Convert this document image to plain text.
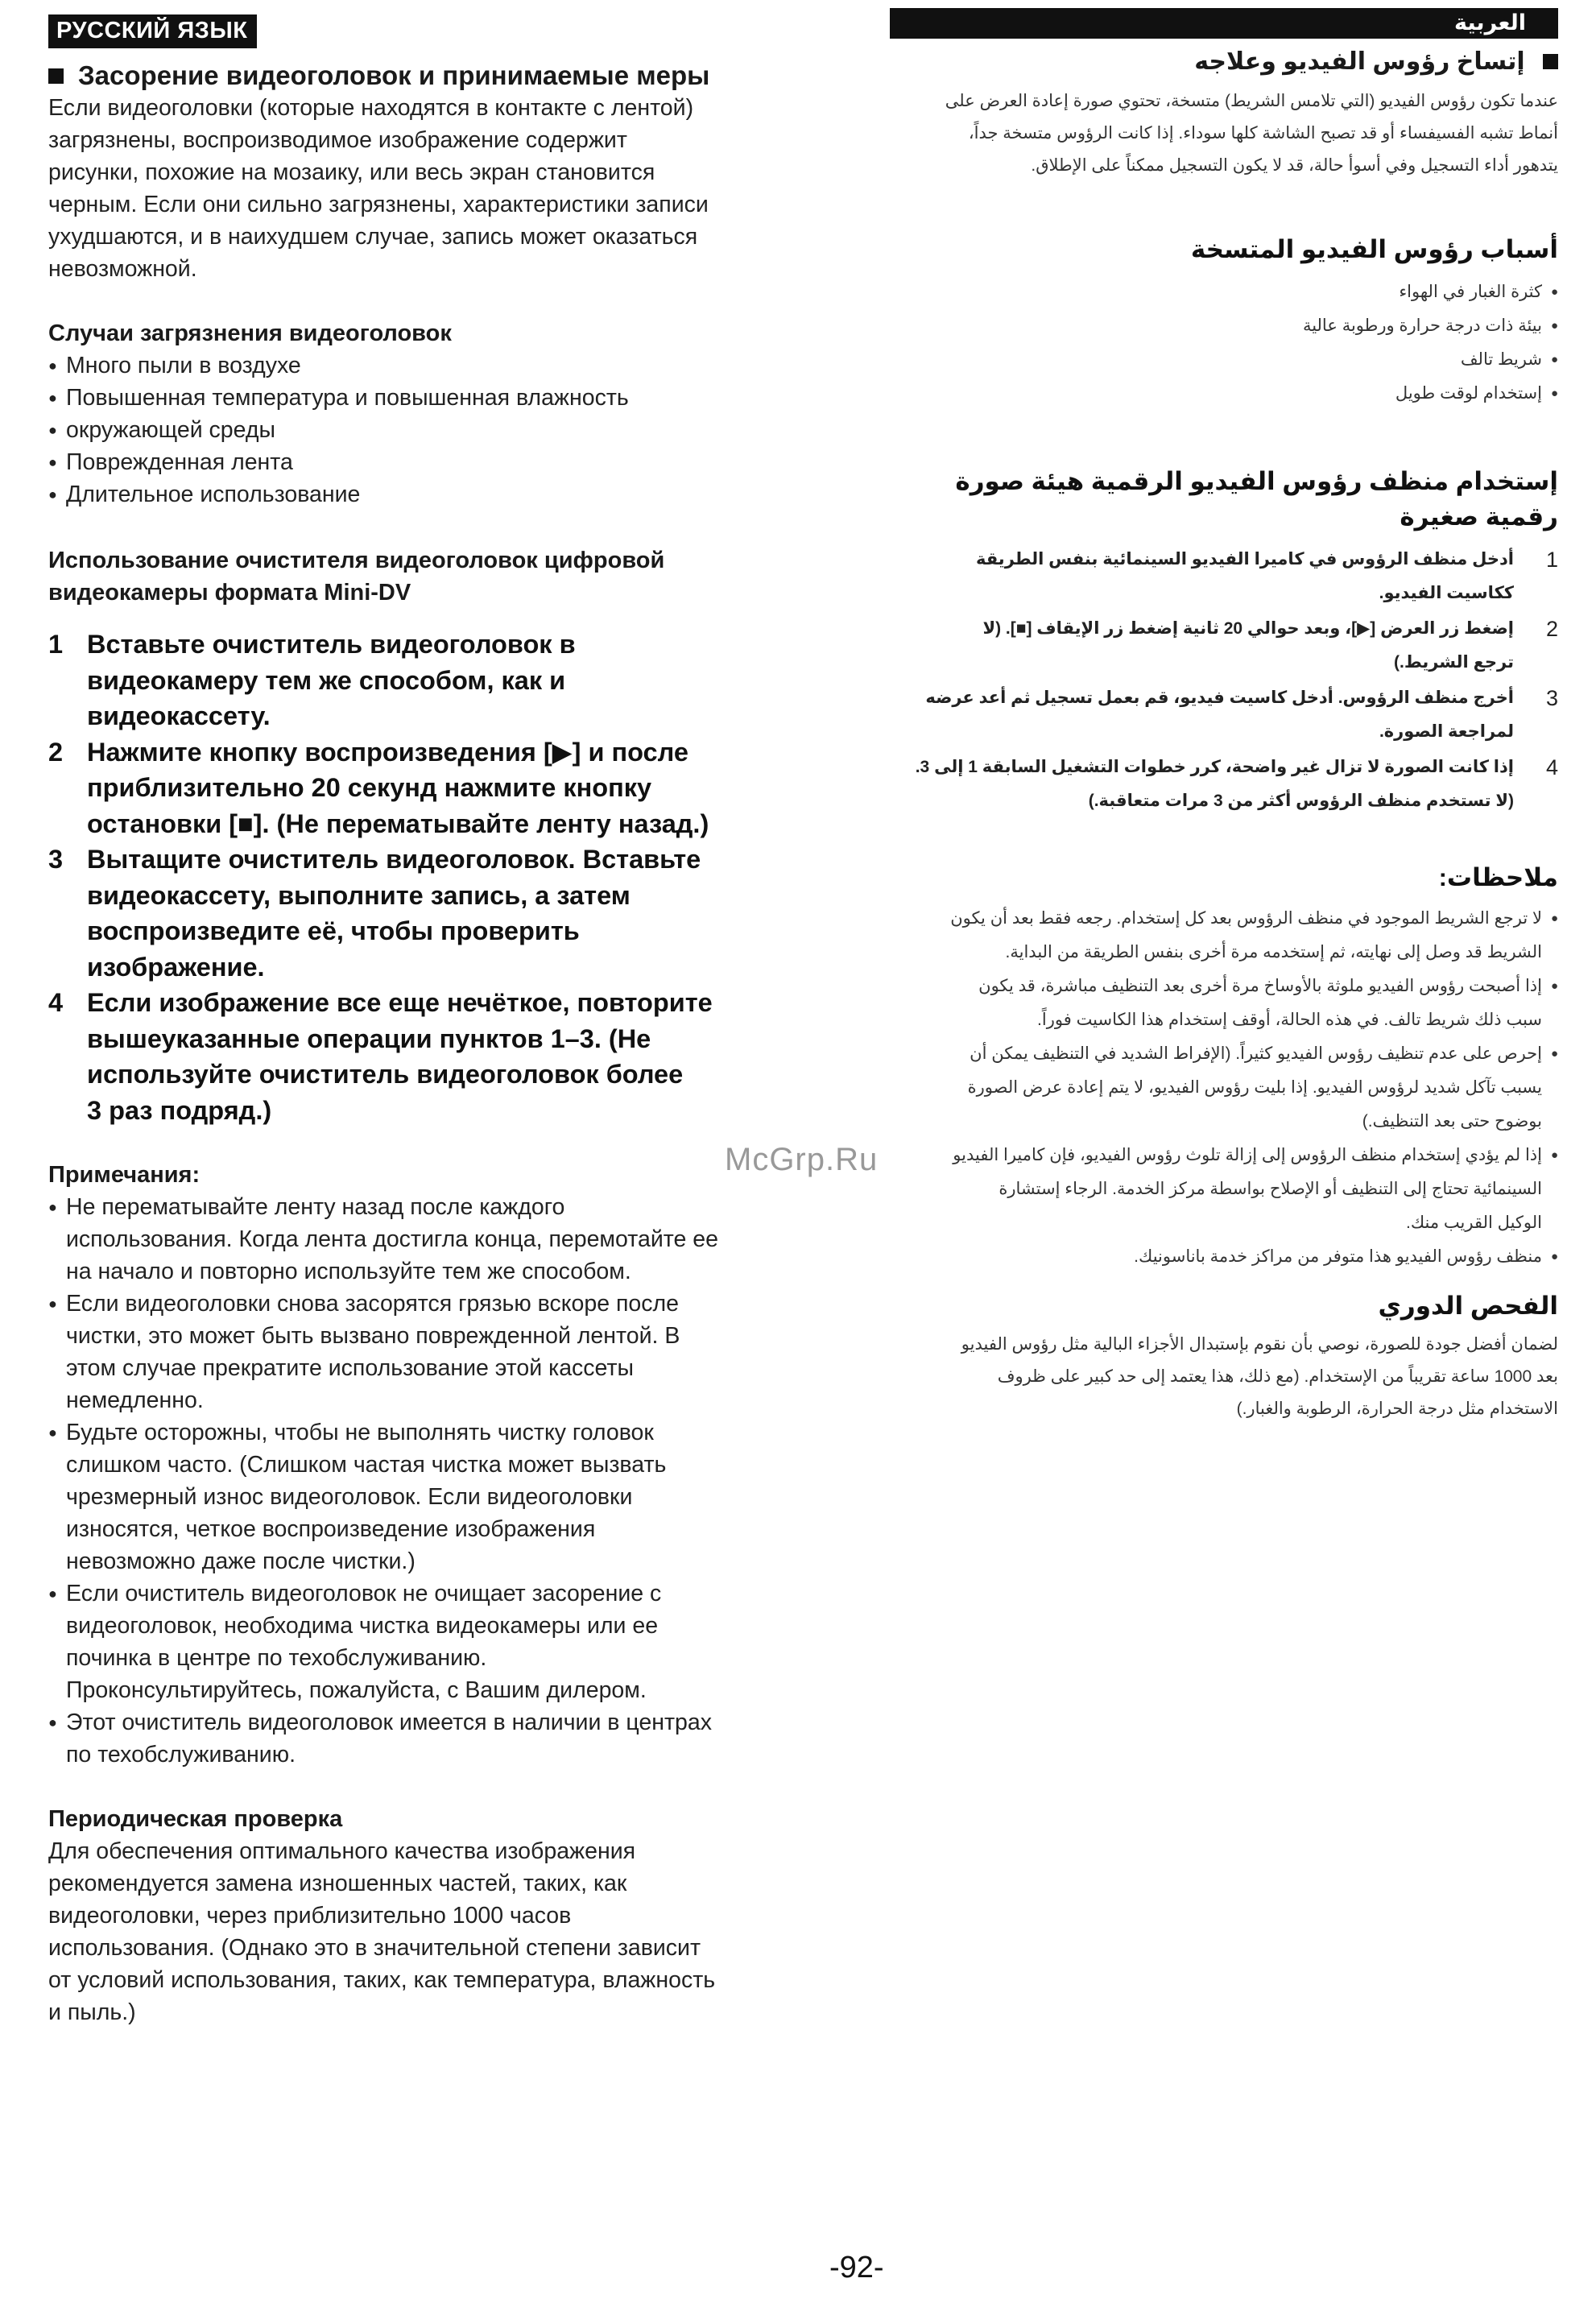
РУССКИЙ ЯЗЫК
Засорение видеоголовок и принимаемые меры

Если видеоголовки (которые находятся в контакте с лентой)

загрязнены, воспроизводимое изображение содержит

рисунки, похожие на мозаику, или весь экран становится

черным. Если они сильно загрязнены, характеристики записи

ухудшаются, и в наихудшем случае, запись может оказаться

невозможной.

Случаи загрязнения видеоголовок
● Много пыли в воздухе
● Повышенная температура и повышенная влажность
● окружающей среды
● Поврежденная лента
● Длительное использование
Использование очистителя видеоголовок цифровой
видеокамеры формата Mini-DV
1 Вставьте очиститель видеоголовок в
видеокамеру тем же способом, как и
видеокассету.
2 Нажмите кнопку воспроизведения [▶] и после
приблизительно 20 секунд нажмите кнопку
остановки [■]. (Не перематывайте ленту назад.)
3 Вытащите очиститель видеоголовок. Вставьте
видеокассету, выполните запись, а затем
воспроизведите её, чтобы проверить
изображение.
4 Если изображение все еще нечёткое, повторите
вышеуказанные операции пунктов 1–3. (Не
используйте очиститель видеоголовок более
3 раз подряд.)
Примечания:
● Не перематывайте ленту назад после каждого
использования. Когда лента достигла конца, перемотайте ее
на начало и повторно используйте тем же способом.
● Если видеоголовки снова засорятся грязью вскоре после
чистки, это может быть вызвано поврежденной лентой. В
этом случае прекратите использование этой кассеты
немедленно.
● Будьте осторожны, чтобы не выполнять чистку головок
слишком часто. (Слишком частая чистка может вызвать
чрезмерный износ видеоголовок. Если видеоголовки
износятся, четкое воспроизведение изображения
невозможно даже после чистки.)
● Если очиститель видеоголовок не очищает засорение с
видеоголовок, необходима чистка видеокамеры или ее
починка в центре по техобслуживанию.
Проконсультируйтесь, пожалуйста, с Вашим дилером.
● Этот очиститель видеоголовок имеется в наличии в центрах
по техобслуживанию.
Периодическая проверка

Для обеспечения оптимального качества изображения

рекомендуется замена изношенных частей, таких, как

видеоголовки, через приблизительно 1000 часов

использования. (Однако это в значительной степени зависит

от условий использования, таких, как температура, влажность

и пыль.)

العربية
إتساخ رؤوس الفيديو وعلاجه

عندما تكون رؤوس الفيديو (التي تلامس الشريط) متسخة، تحتوي صورة إعادة العرض على

أنماط تشبه الفسيفساء أو قد تصبح الشاشة كلها سوداء. إذا كانت الرؤوس متسخة جداً،

يتدهور أداء التسجيل وفي أسوأ حالة، قد لا يكون التسجيل ممكناً على الإطلاق.

أسباب رؤوس الفيديو المتسخة
● كثرة الغبار في الهواء
● بيئة ذات درجة حرارة ورطوبة عالية
● شريط تالف
● إستخدام لوقت طويل
إستخدام منظف رؤوس الفيديو الرقمية هيئة صورة
رقمية صغيرة
1
أدخل منظف الرؤوس في كاميرا الفيديو السينمائية بنفس الطريقة
ككاسيت الفيديو.
2
إضغط زر العرض [▶]، وبعد حوالي 20 ثانية إضغط زر الإيقاف [■]. (لا
ترجع الشريط.)
3
أخرج منظف الرؤوس. أدخل كاسيت فيديو، قم بعمل تسجيل ثم أعد عرضه
لمراجعة الصورة.
4
إذا كانت الصورة لا تزال غير واضحة، كرر خطوات التشغيل السابقة 1 إلى 3.
(لا تستخدم منظف الرؤوس أكثر من 3 مرات متعاقبة.)
ملاحظات:
● لا ترجع الشريط الموجود في منظف الرؤوس بعد كل إستخدام. رجعه فقط بعد أن يكون
الشريط قد وصل إلى نهايته، ثم إستخدمه مرة أخرى بنفس الطريقة من البداية.
● إذا أصبحت رؤوس الفيديو ملوثة بالأوساخ مرة أخرى بعد التنظيف مباشرة، قد يكون
سبب ذلك شريط تالف. في هذه الحالة، أوقف إستخدام هذا الكاسيت فوراً.
● إحرص على عدم تنظيف رؤوس الفيديو كثيراً. (الإفراط الشديد في التنظيف يمكن أن
يسبب تآكل شديد لرؤوس الفيديو. إذا بليت رؤوس الفيديو، لا يتم إعادة عرض الصورة
بوضوح حتى بعد التنظيف.)
● إذا لم يؤدي إستخدام منظف الرؤوس إلى إزالة تلوث رؤوس الفيديو، فإن كاميرا الفيديو
السينمائية تحتاج إلى التنظيف أو الإصلاح بواسطة مركز الخدمة. الرجاء إستشارة
الوكيل القريب منك.
● منظف رؤوس الفيديو هذا متوفر من مراكز خدمة باناسونيك.
الفحص الدوري

لضمان أفضل جودة للصورة، نوصي بأن نقوم بإستبدال الأجزاء البالية مثل رؤوس الفيديو

بعد 1000 ساعة تقريباً من الإستخدام. (مع ذلك، هذا يعتمد إلى حد كبير على ظروف

الاستخدام مثل درجة الحرارة، الرطوبة والغبار.)

McGrp.Ru
-92-
